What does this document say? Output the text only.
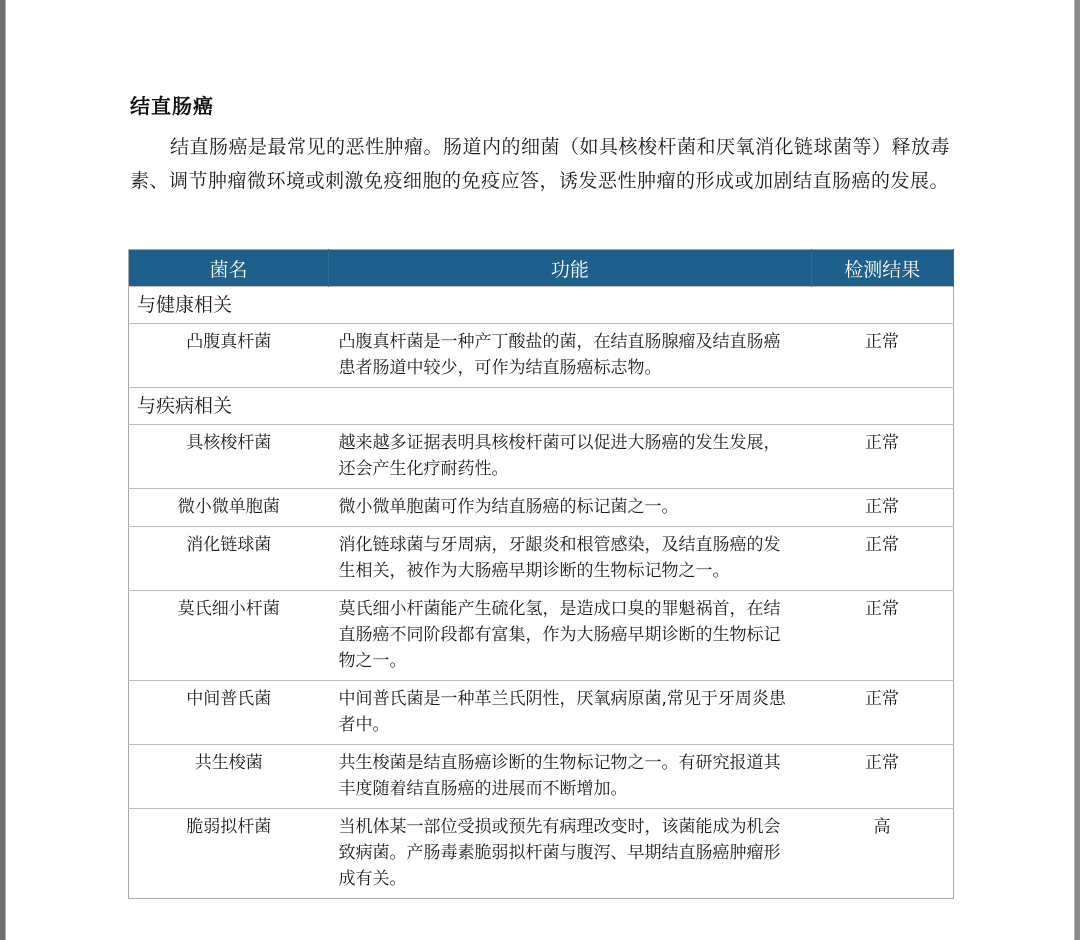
结直肠癌

结直肠癌是最常见的恶性肿瘤。肠道内的细菌（如具核梭杆菌和厌氧消化链球菌等）释放毒素、调节肿瘤微环境或刺激免疫细胞的免疫应答，诱发恶性肿瘤的形成或加剧结直肠癌的发展。

菌名	功能	检测结果
与健康相关		
凸腹真杆菌	凸腹真杆菌是一种产丁酸盐的菌，在结直肠腺瘤及结直肠癌患者肠道中较少，可作为结直肠癌标志物。	正常
与疾病相关		
具核梭杆菌	越来越多证据表明具核梭杆菌可以促进大肠癌的发生发展，还会产生化疗耐药性。	正常
微小微单胞菌	微小微单胞菌可作为结直肠癌的标记菌之一。	正常
消化链球菌	消化链球菌与牙周病，牙龈炎和根管感染，及结直肠癌的发生相关，被作为大肠癌早期诊断的生物标记物之一。	正常
莫氏细小杆菌	莫氏细小杆菌能产生硫化氢，是造成口臭的罪魁祸首，在结直肠癌不同阶段都有富集，作为大肠癌早期诊断的生物标记物之一。	正常
中间普氏菌	中间普氏菌是一种革兰氏阴性，厌氧病原菌,常见于牙周炎患者中。	正常
共生梭菌	共生梭菌是结直肠癌诊断的生物标记物之一。有研究报道其丰度随着结直肠癌的进展而不断增加。	正常
脆弱拟杆菌	当机体某一部位受损或预先有病理改变时，该菌能成为机会致病菌。产肠毒素脆弱拟杆菌与腹泻、早期结直肠癌肿瘤形成有关。	高
